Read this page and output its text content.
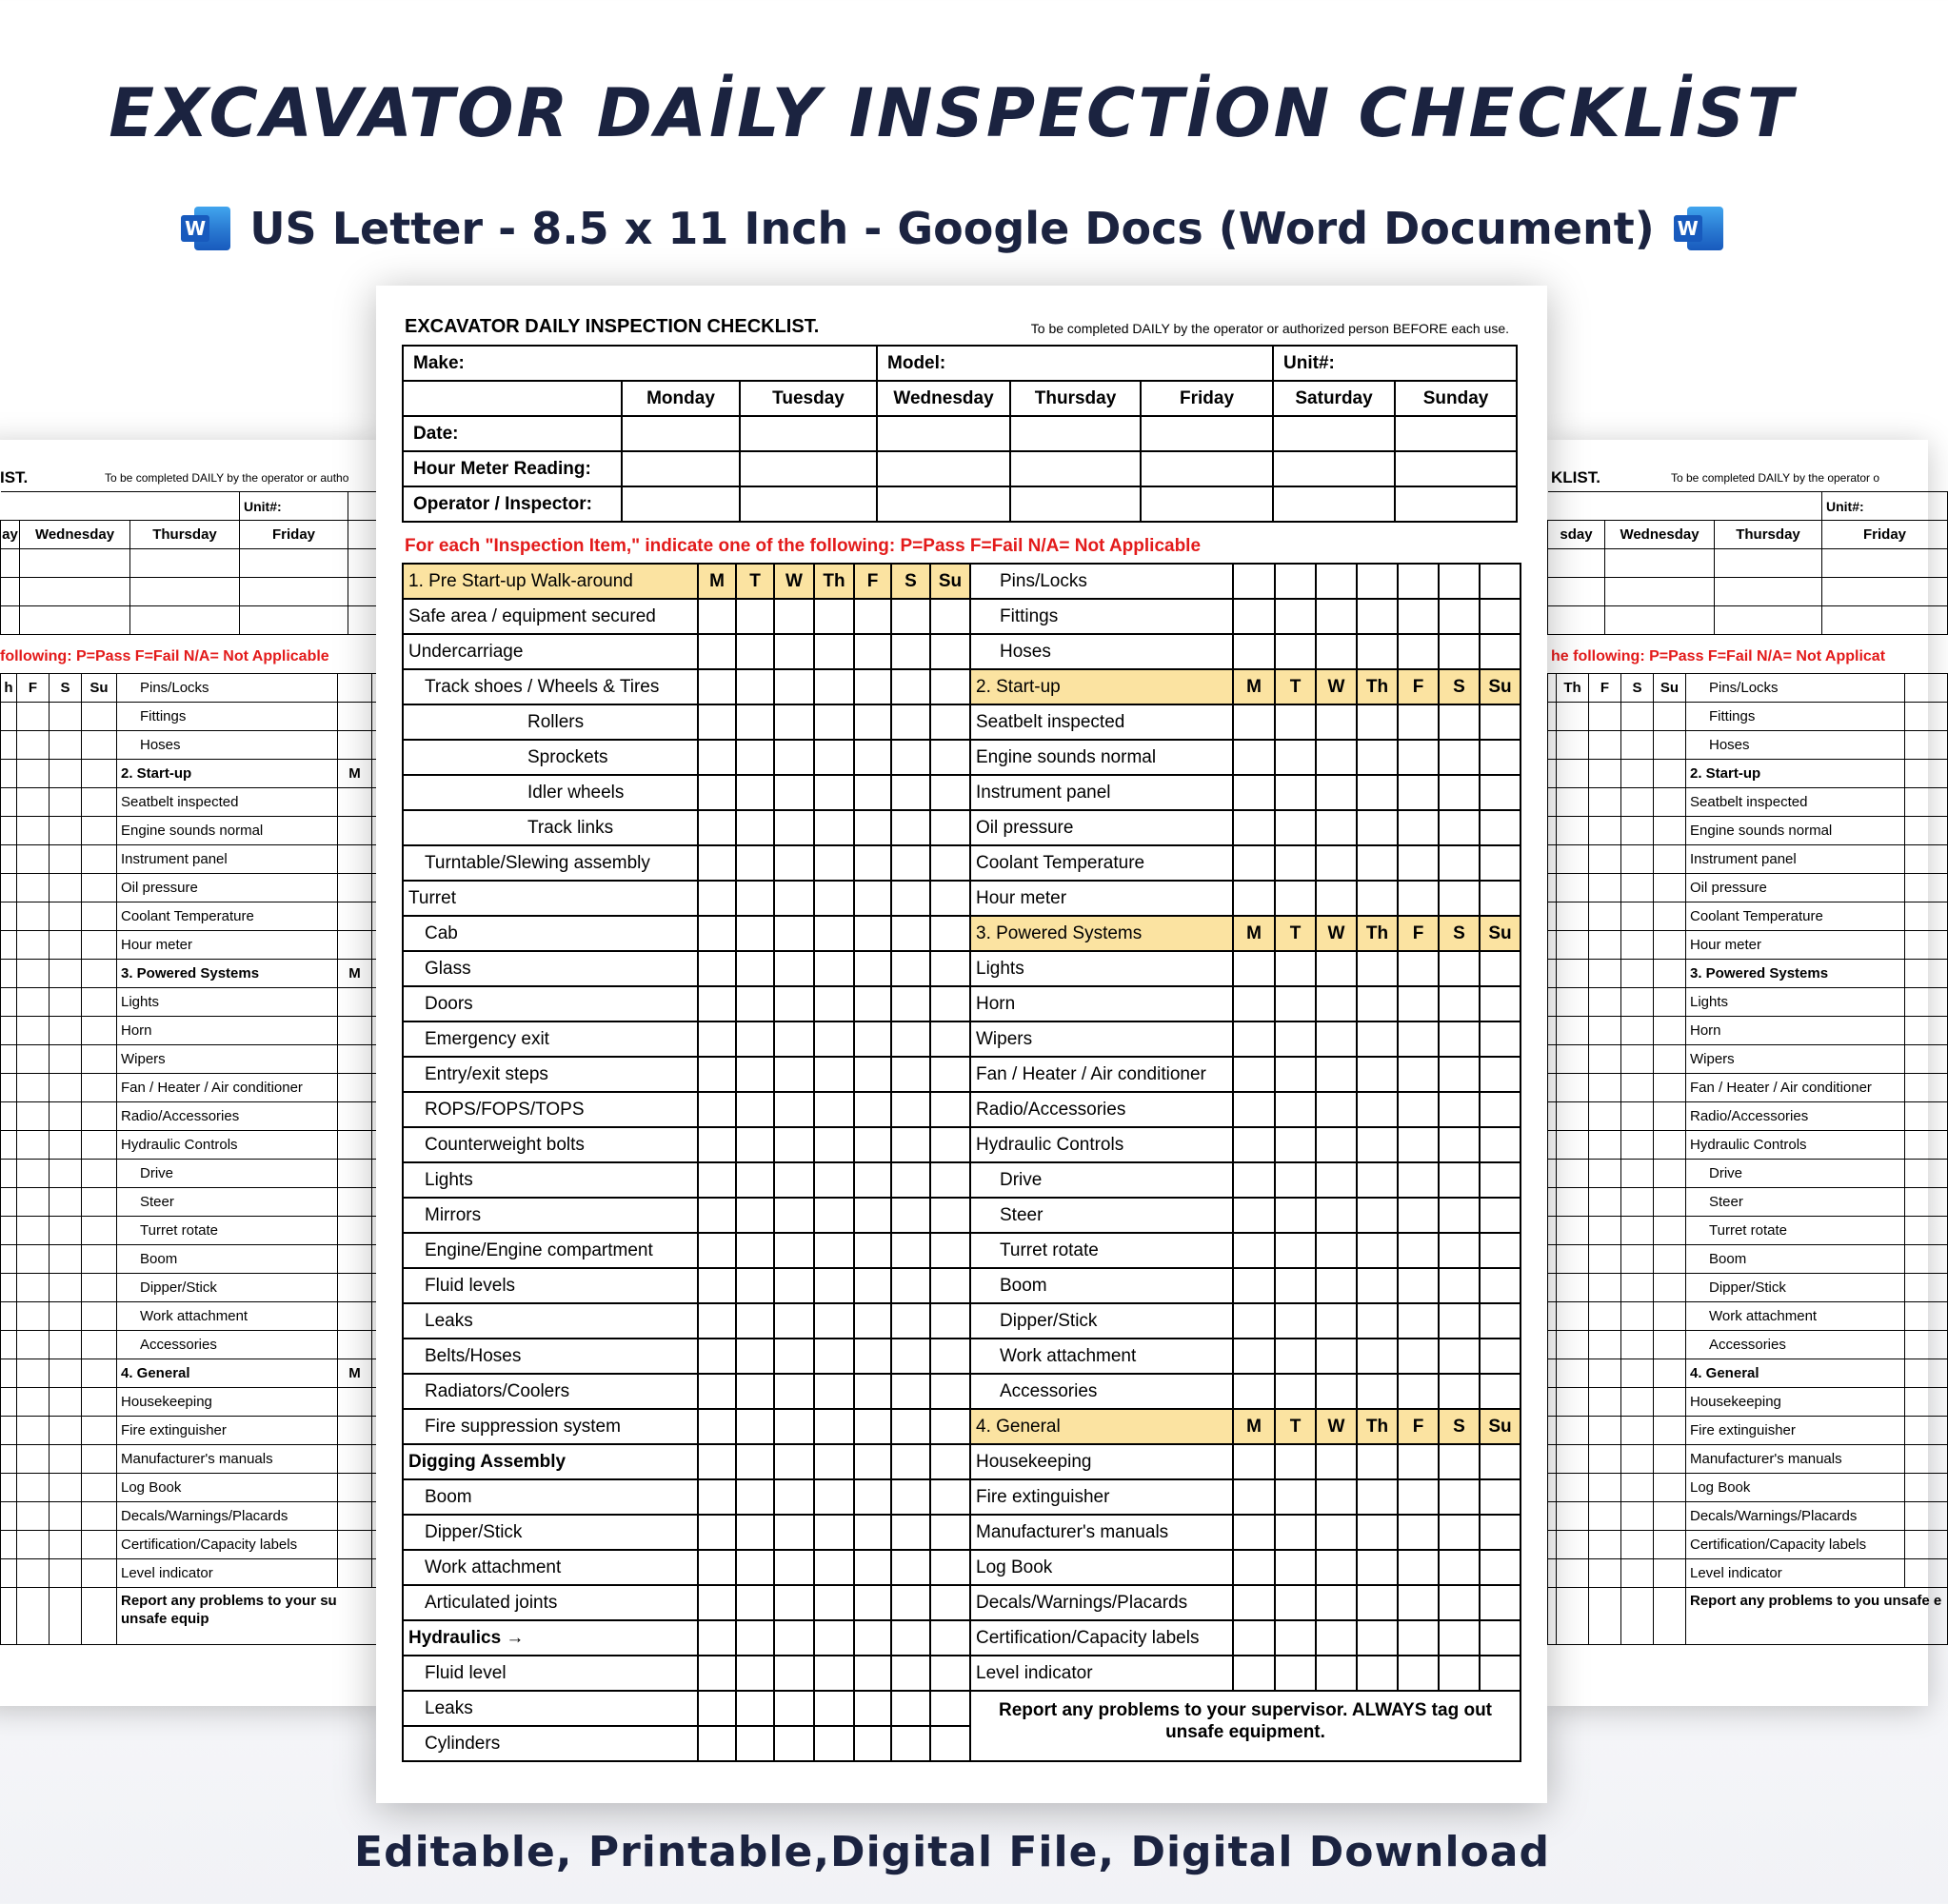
EXCAVATOR DAİLY INSPECTİON CHECKLİST
W US Letter - 8.5 x 11 Inch - Google Docs (Word Document) W
IST.	To be completed DAILY by the operator or autho
			Unit#:	
ay	Wednesday	Thursday	Friday	

following: P=Pass F=Fail N/A= Not Applicable
h	F	S	Su	Pins/Locks		
				Fittings		
				Hoses		
				2. Start-up	M	
				Seatbelt inspected		
				Engine sounds normal		
				Instrument panel		
				Oil pressure		
				Coolant Temperature		
				Hour meter		
				3. Powered Systems	M	
				Lights		
				Horn		
				Wipers		
				Fan / Heater / Air conditioner		
				Radio/Accessories		
				Hydraulic Controls		
				Drive		
				Steer		
				Turret rotate		
				Boom		
				Dipper/Stick		
				Work attachment		
				Accessories		
				4. General	M	
				Housekeeping		
				Fire extinguisher		
				Manufacturer's manuals		
				Log Book		
				Decals/Warnings/Placards		
				Certification/Capacity labels		
				Level indicator		
				Report any problems to your su unsafe equip		
KLIST.	To be completed DAILY by the operator o
			Unit#:
sday	Wednesday	Thursday	Friday

he following: P=Pass F=Fail N/A= Not Applicat
	Th	F	S	Su	Pins/Locks	
					Fittings	
					Hoses	
					2. Start-up	
					Seatbelt inspected	
					Engine sounds normal	
					Instrument panel	
					Oil pressure	
					Coolant Temperature	
					Hour meter	
					3. Powered Systems	
					Lights	
					Horn	
					Wipers	
					Fan / Heater / Air conditioner	
					Radio/Accessories	
					Hydraulic Controls	
					Drive	
					Steer	
					Turret rotate	
					Boom	
					Dipper/Stick	
					Work attachment	
					Accessories	
					4. General	
					Housekeeping	
					Fire extinguisher	
					Manufacturer's manuals	
					Log Book	
					Decals/Warnings/Placards	
					Certification/Capacity labels	
					Level indicator	
					Report any problems to you unsafe e	
EXCAVATOR DAILY INSPECTION CHECKLIST.	To be completed DAILY by the operator or authorized person BEFORE each use.
Make:			Model:			Unit#:	
	Monday	Tuesday	Wednesday	Thursday	Friday	Saturday	Sunday
Date:							
Hour Meter Reading:							
Operator / Inspector:							
For each "Inspection Item," indicate one of the following: P=Pass F=Fail N/A= Not Applicable
1. Pre Start-up Walk-around	M	T	W	Th	F	S	Su	Pins/Locks							
Safe area / equipment secured								Fittings							
Undercarriage								Hoses							
Track shoes / Wheels & Tires								2. Start-up	M	T	W	Th	F	S	Su
Rollers								Seatbelt inspected							
Sprockets								Engine sounds normal							
Idler wheels								Instrument panel							
Track links								Oil pressure							
Turntable/Slewing assembly								Coolant Temperature							
Turret								Hour meter							
Cab								3. Powered Systems	M	T	W	Th	F	S	Su
Glass								Lights							
Doors								Horn							
Emergency exit								Wipers							
Entry/exit steps								Fan / Heater / Air conditioner							
ROPS/FOPS/TOPS								Radio/Accessories							
Counterweight bolts								Hydraulic Controls							
Lights								Drive							
Mirrors								Steer							
Engine/Engine compartment								Turret rotate							
Fluid levels								Boom							
Leaks								Dipper/Stick							
Belts/Hoses								Work attachment							
Radiators/Coolers								Accessories							
Fire suppression system								4. General	M	T	W	Th	F	S	Su
Digging Assembly								Housekeeping							
Boom								Fire extinguisher							
Dipper/Stick								Manufacturer's manuals							
Work attachment								Log Book							
Articulated joints								Decals/Warnings/Placards							
Hydraulics →								Certification/Capacity labels							
Fluid level								Level indicator							
Leaks								Report any problems to your supervisor. ALWAYS tag out unsafe equipment.							
Cylinders															
Editable, Printable,Digital File, Digital Download
